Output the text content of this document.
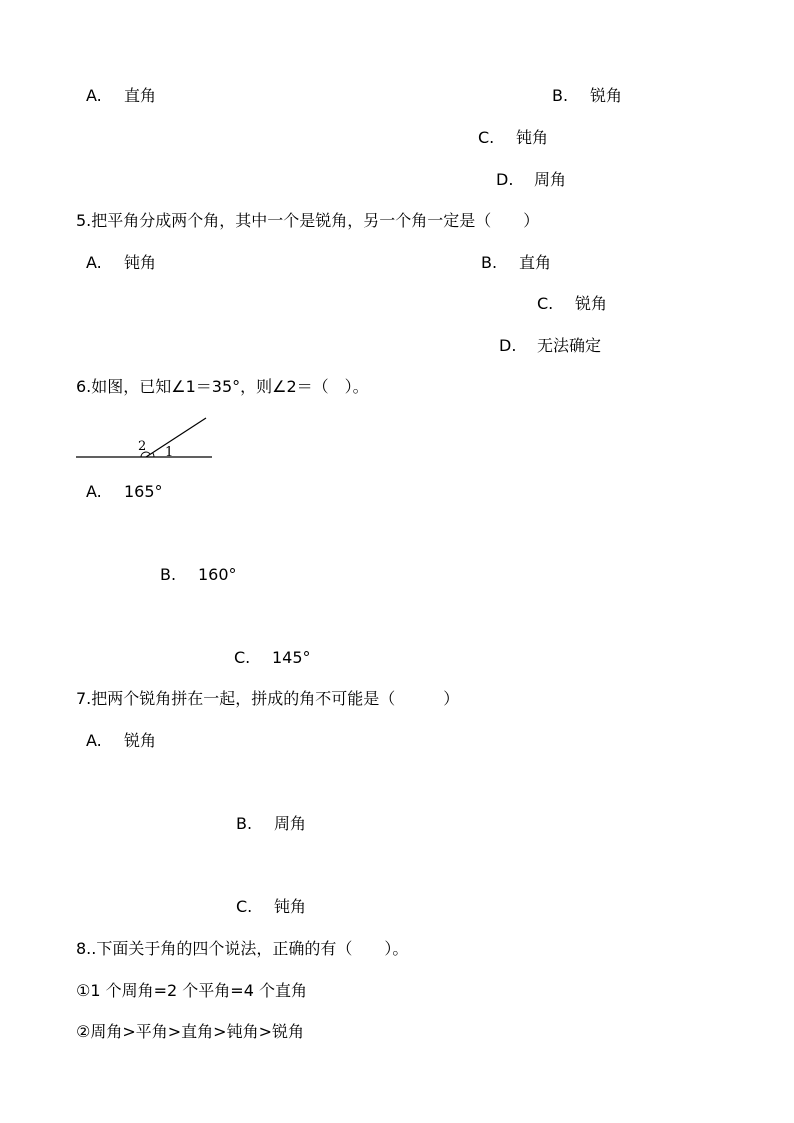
A. 直角	B. 锐角
C. 钝角
D. 周角
5.把平角分成两个角，其中一个是锐角，另一个角一定是（　　）
A. 钝角	B. 直角
C. 锐角
D. 无法确定
6.如图，已知∠1＝35°，则∠2＝（　）。
2 1
A. 165°
B. 160°
C. 145°
7.把两个锐角拼在一起，拼成的角不可能是（　　　）
A. 锐角
B. 周角
C. 钝角
8..下面关于角的四个说法，正确的有（　　）。
①1 个周角=2 个平角=4 个直角
②周角>平角>直角>钝角>锐角
